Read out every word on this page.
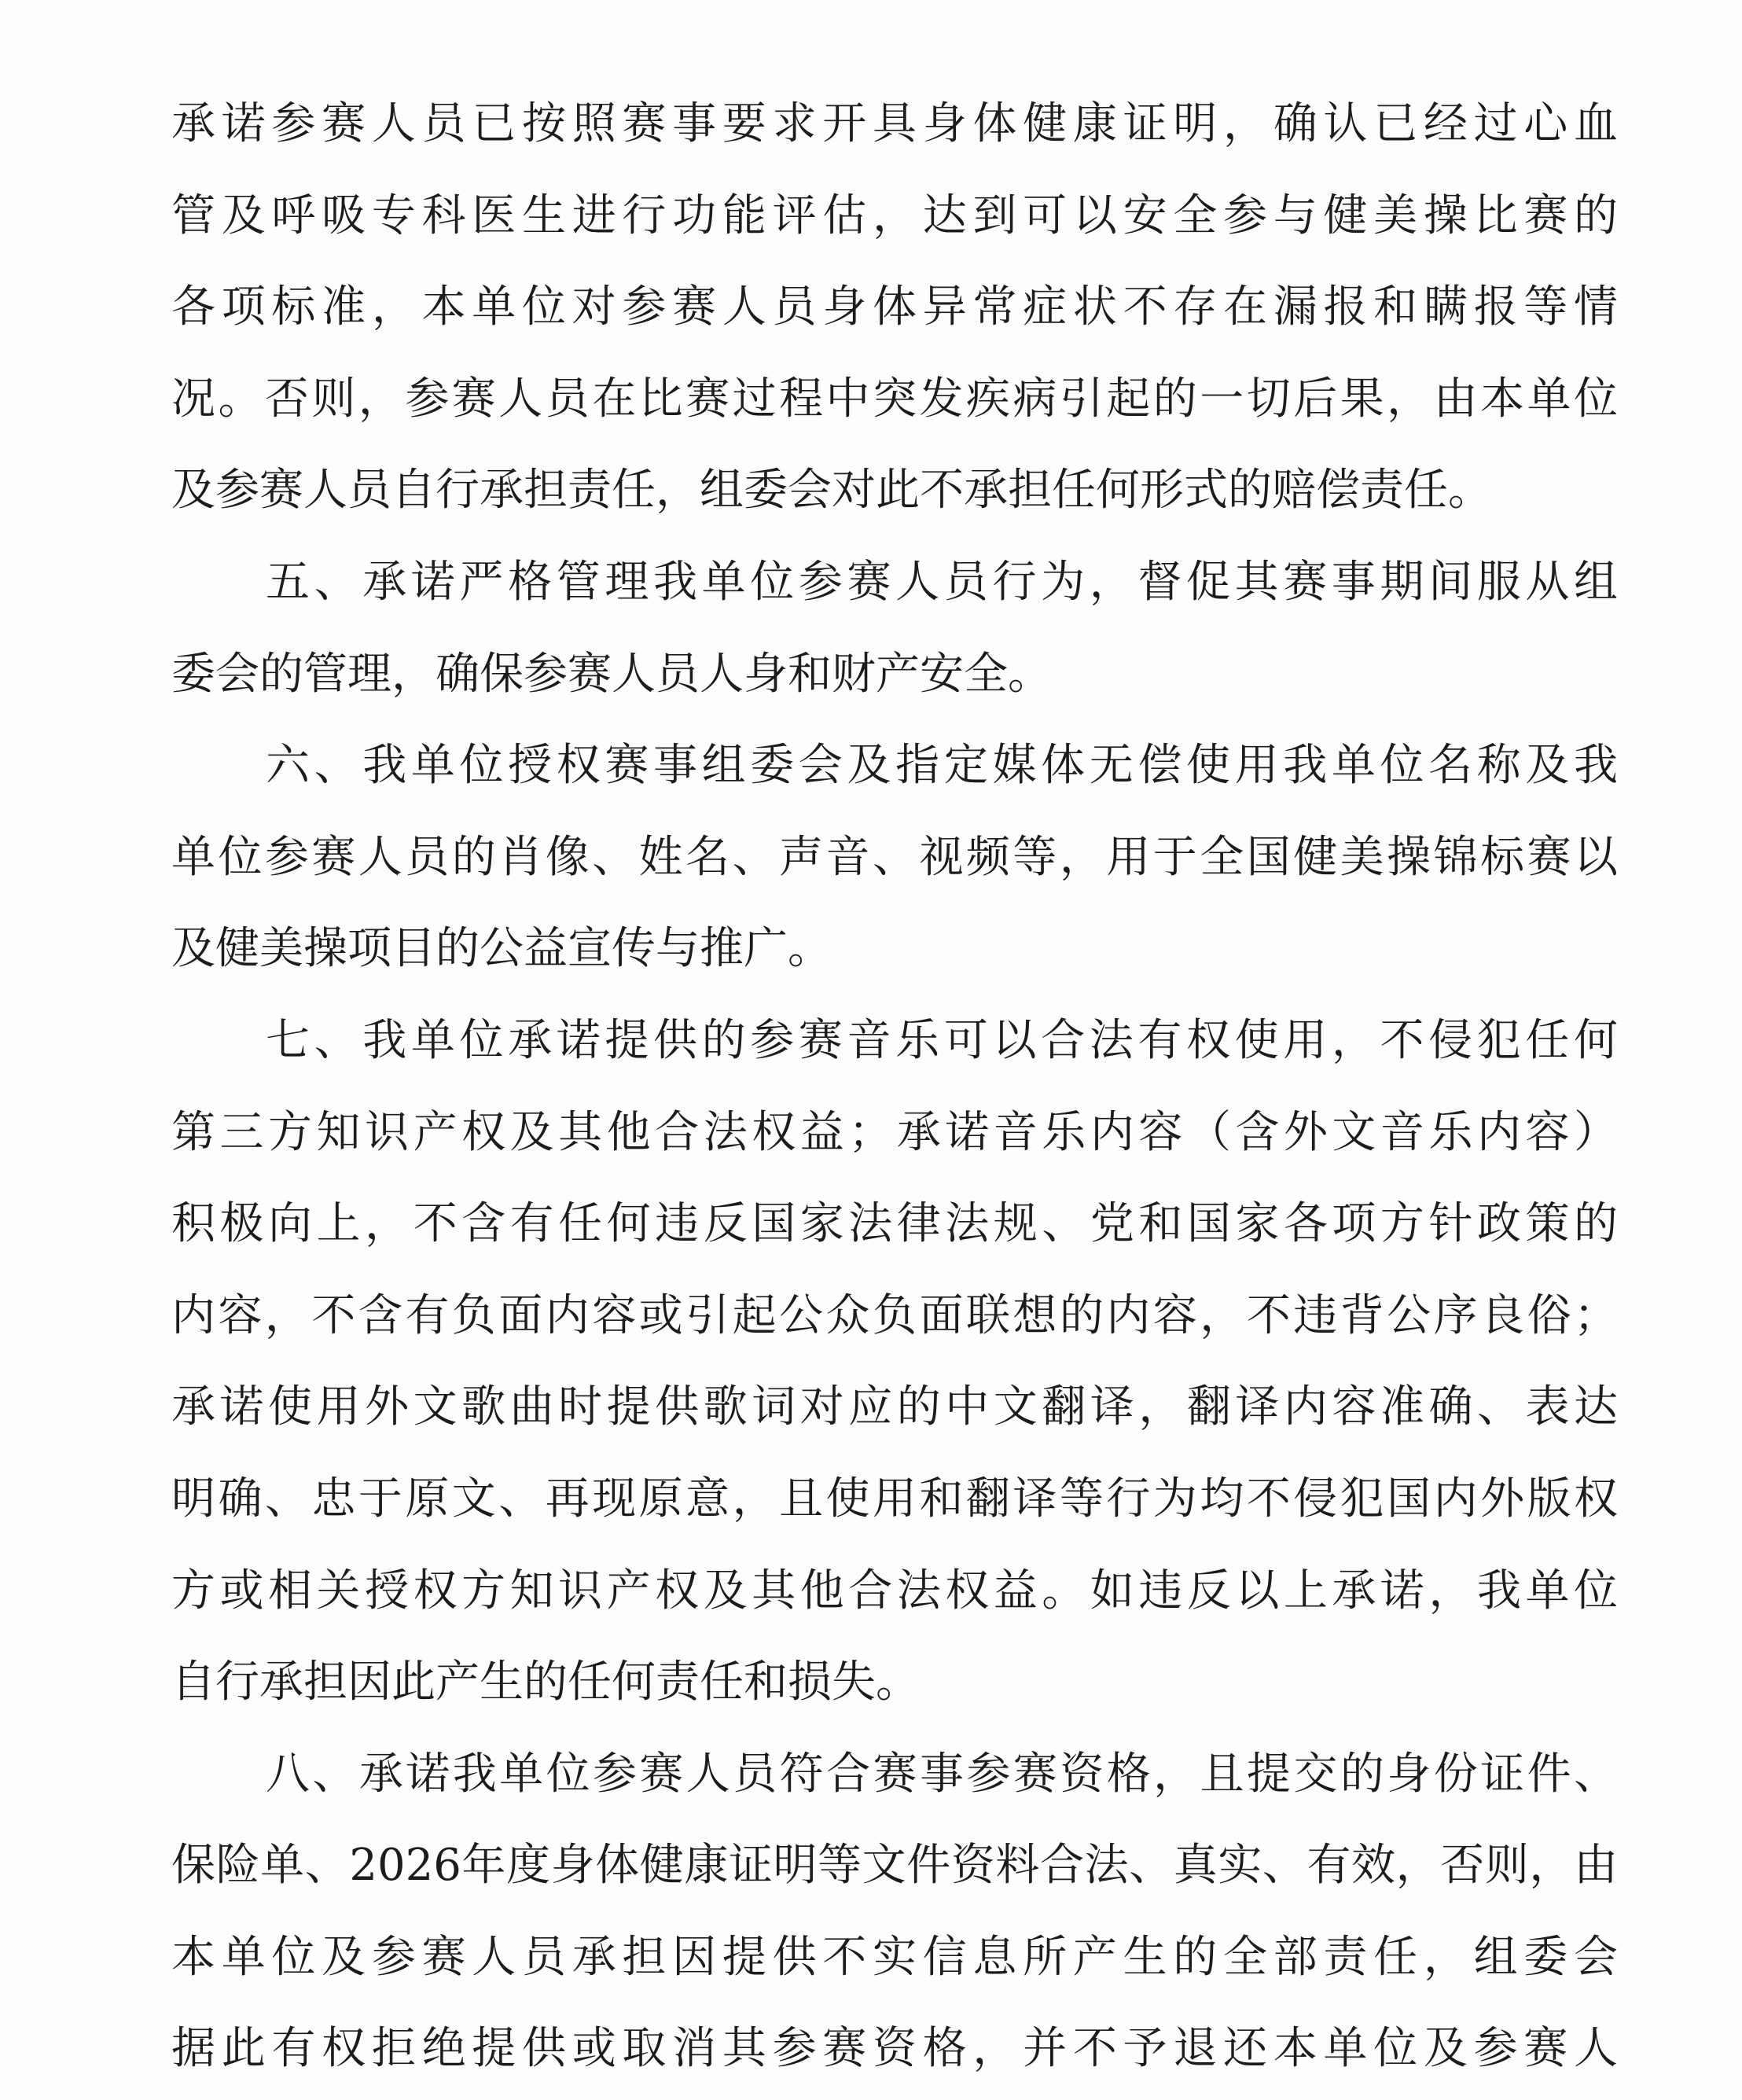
承诺参赛人员已按照赛事要求开具身体健康证明，确认已经过心血
管及呼吸专科医生进行功能评估，达到可以安全参与健美操比赛的
各项标准，本单位对参赛人员身体异常症状不存在漏报和瞒报等情
况。否则，参赛人员在比赛过程中突发疾病引起的一切后果，由本单位
及参赛人员自行承担责任，组委会对此不承担任何形式的赔偿责任。
五、承诺严格管理我单位参赛人员行为，督促其赛事期间服从组
委会的管理，确保参赛人员人身和财产安全。
六、我单位授权赛事组委会及指定媒体无偿使用我单位名称及我
单位参赛人员的肖像、姓名、声音、视频等，用于全国健美操锦标赛以
及健美操项目的公益宣传与推广。
七、我单位承诺提供的参赛音乐可以合法有权使用，不侵犯任何
第三方知识产权及其他合法权益；承诺音乐内容（含外文音乐内容）
积极向上，不含有任何违反国家法律法规、党和国家各项方针政策的
内容，不含有负面内容或引起公众负面联想的内容，不违背公序良俗；
承诺使用外文歌曲时提供歌词对应的中文翻译，翻译内容准确、表达
明确、忠于原文、再现原意，且使用和翻译等行为均不侵犯国内外版权
方或相关授权方知识产权及其他合法权益。如违反以上承诺，我单位
自行承担因此产生的任何责任和损失。
八、承诺我单位参赛人员符合赛事参赛资格，且提交的身份证件、
保险单、2026年度身体健康证明等文件资料合法、真实、有效，否则，由
本单位及参赛人员承担因提供不实信息所产生的全部责任，组委会
据此有权拒绝提供或取消其参赛资格，并不予退还本单位及参赛人
